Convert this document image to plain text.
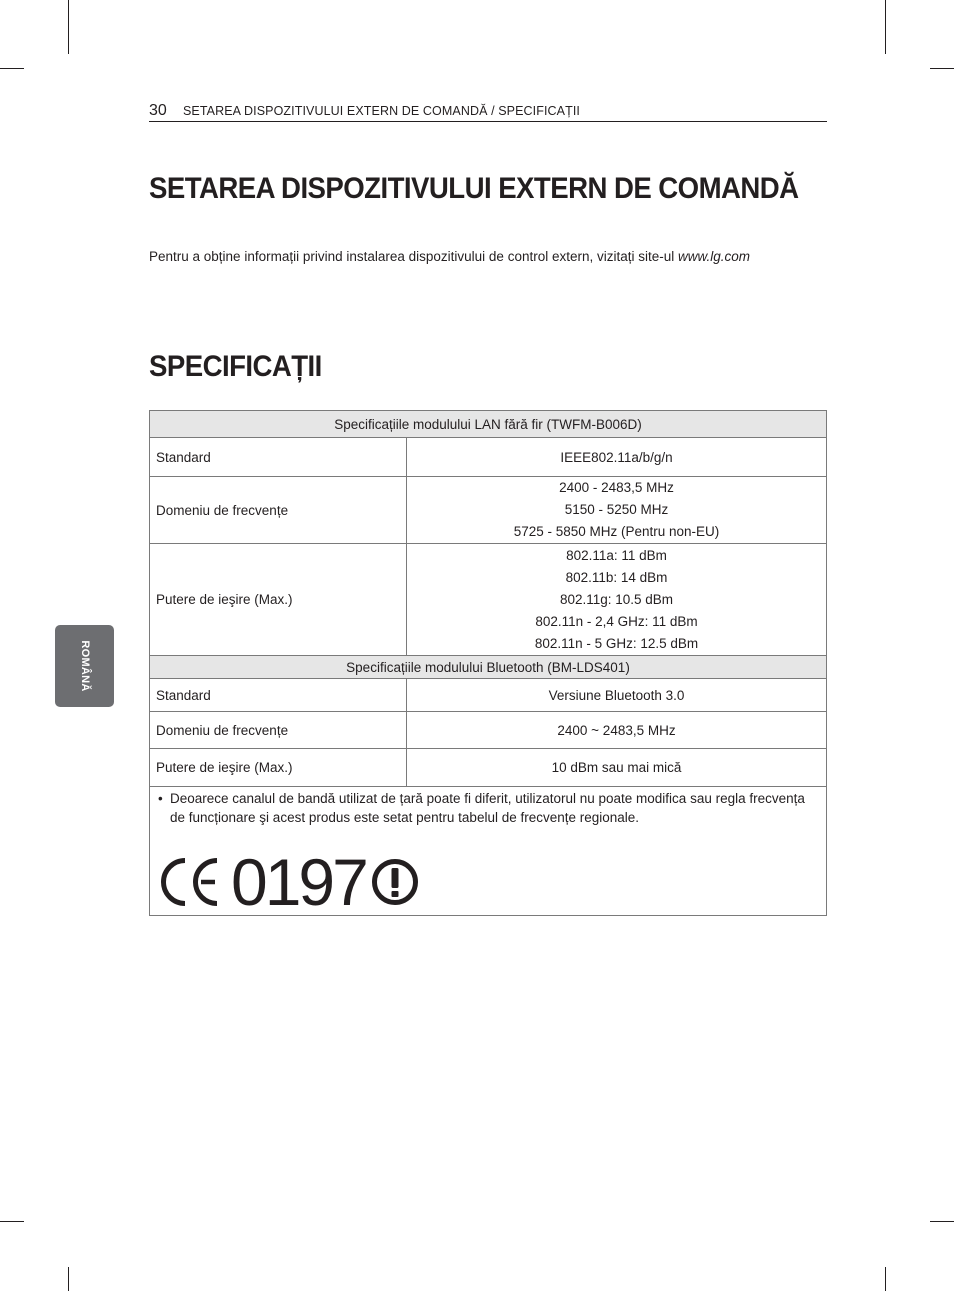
30 SETAREA DISPOZITIVULUI EXTERN DE COMANDĂ / SPECIFICAȚII
ROMÂNĂ
SETAREA DISPOZITIVULUI EXTERN DE COMANDĂ
Pentru a obține informații privind instalarea dispozitivului de control extern, vizitați site-ul www.lg.com
SPECIFICAȚII
Specificațiile modulului LAN fără fir (TWFM-B006D)	
Standard	IEEE802.11a/b/g/n
Domeniu de frecvențe	2400 - 2483,5 MHz
5150 - 5250 MHz
5725 - 5850 MHz (Pentru non-EU)

Putere de ieşire (Max.)	802.11a: 11 dBm
802.11b: 14 dBm
802.11g: 10.5 dBm
802.11n - 2,4 GHz: 11 dBm
802.11n - 5 GHz: 12.5 dBm

Specificațiile modulului Bluetooth (BM-LDS401)	
Standard	Versiune Bluetooth 3.0
Domeniu de frecvențe	2400 ~ 2483,5 MHz
Putere de ieşire (Max.)	10 dBm sau mai mică

• Deoarece canalul de bandă utilizat de țară poate fi diferit, utilizatorul nu poate modifica sau regla frecvența de funcționare şi acest produs este setat pentru tabelul de frecvențe regionale.
0197	
